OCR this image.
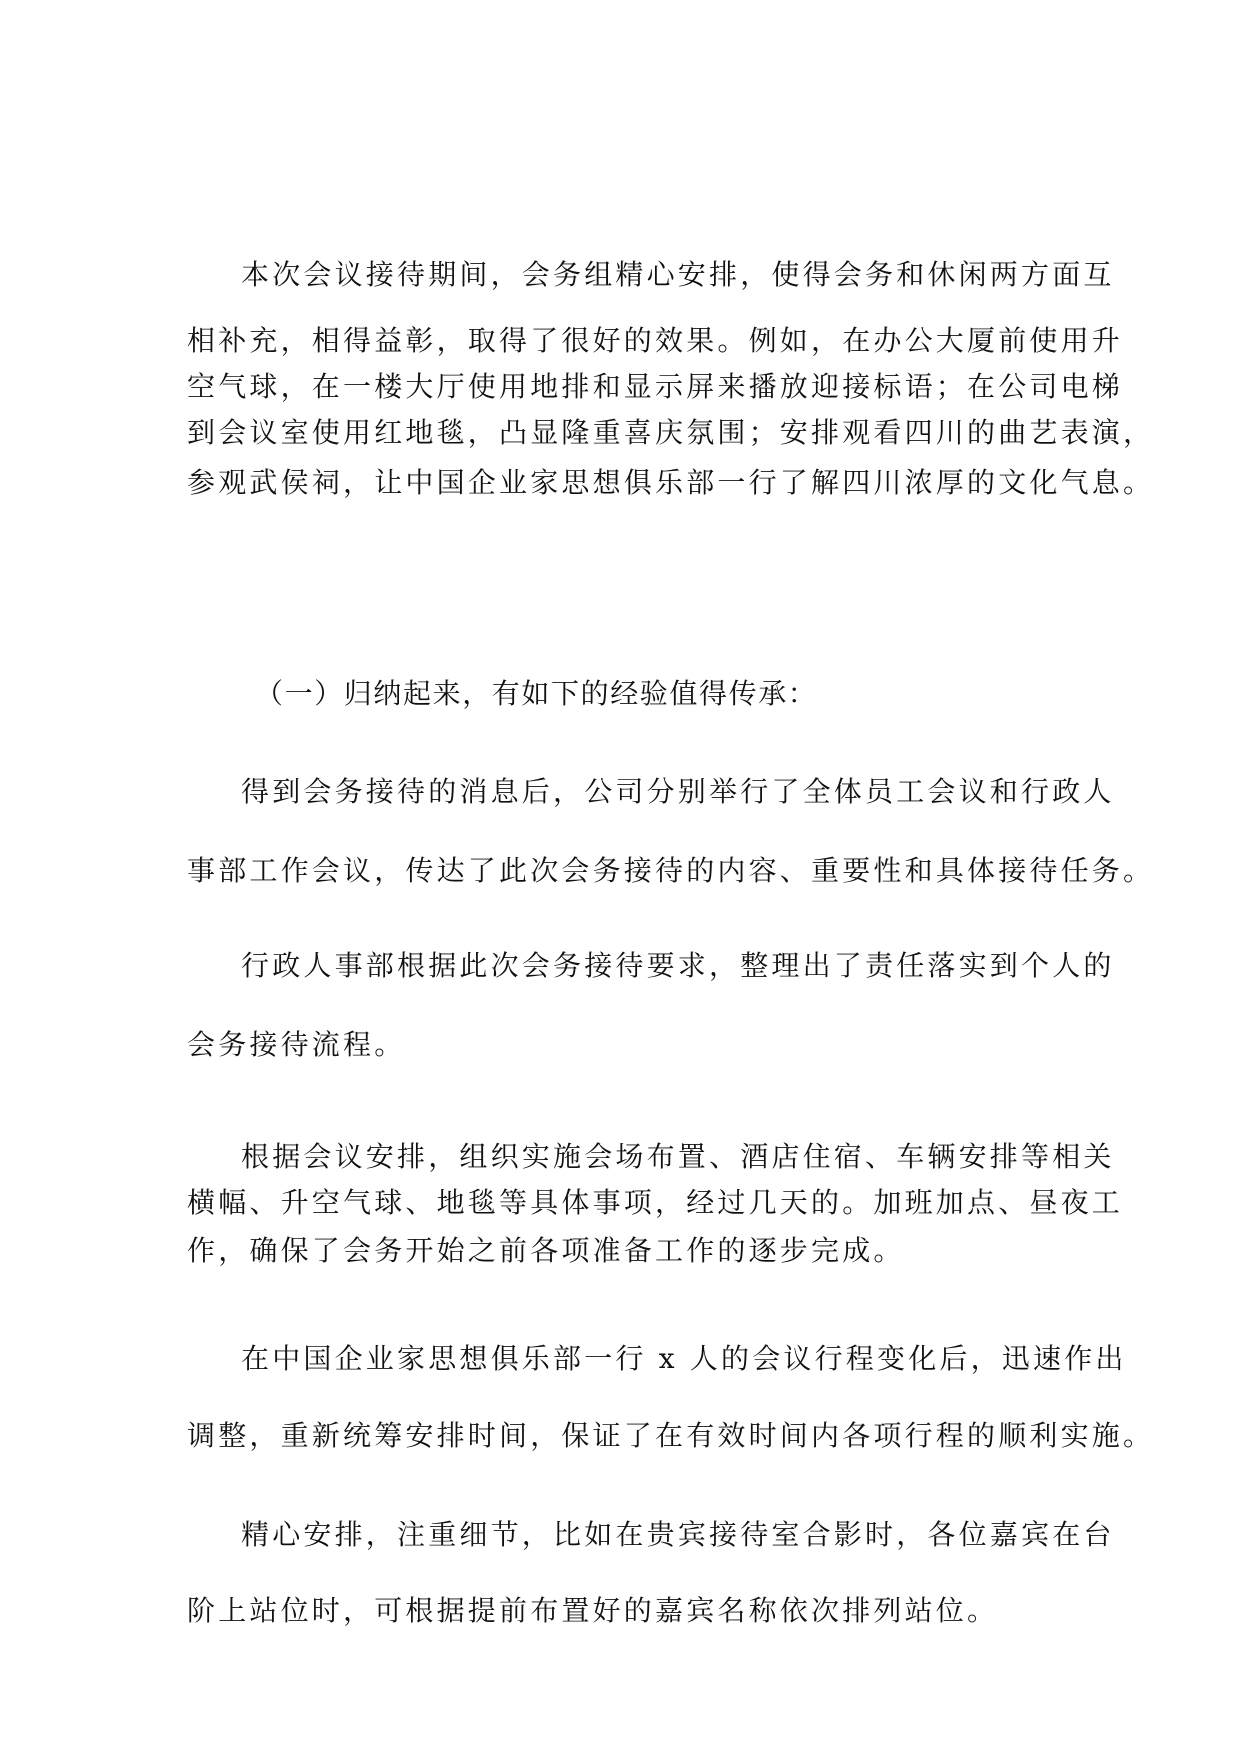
本次会议接待期间，会务组精心安排，使得会务和休闲两方面互
相补充，相得益彰，取得了很好的效果。例如，在办公大厦前使用升
空气球，在一楼大厅使用地排和显示屏来播放迎接标语；在公司电梯
到会议室使用红地毯，凸显隆重喜庆氛围；安排观看四川的曲艺表演，
参观武侯祠，让中国企业家思想俱乐部一行了解四川浓厚的文化气息。
（一）归纳起来，有如下的经验值得传承：
得到会务接待的消息后，公司分别举行了全体员工会议和行政人
事部工作会议，传达了此次会务接待的内容、重要性和具体接待任务。
行政人事部根据此次会务接待要求，整理出了责任落实到个人的
会务接待流程。
根据会议安排，组织实施会场布置、酒店住宿、车辆安排等相关
横幅、升空气球、地毯等具体事项，经过几天的。加班加点、昼夜工
作，确保了会务开始之前各项准备工作的逐步完成。
在中国企业家思想俱乐部一行 x 人的会议行程变化后，迅速作出
调整，重新统筹安排时间，保证了在有效时间内各项行程的顺利实施。
精心安排，注重细节，比如在贵宾接待室合影时，各位嘉宾在台
阶上站位时，可根据提前布置好的嘉宾名称依次排列站位。
